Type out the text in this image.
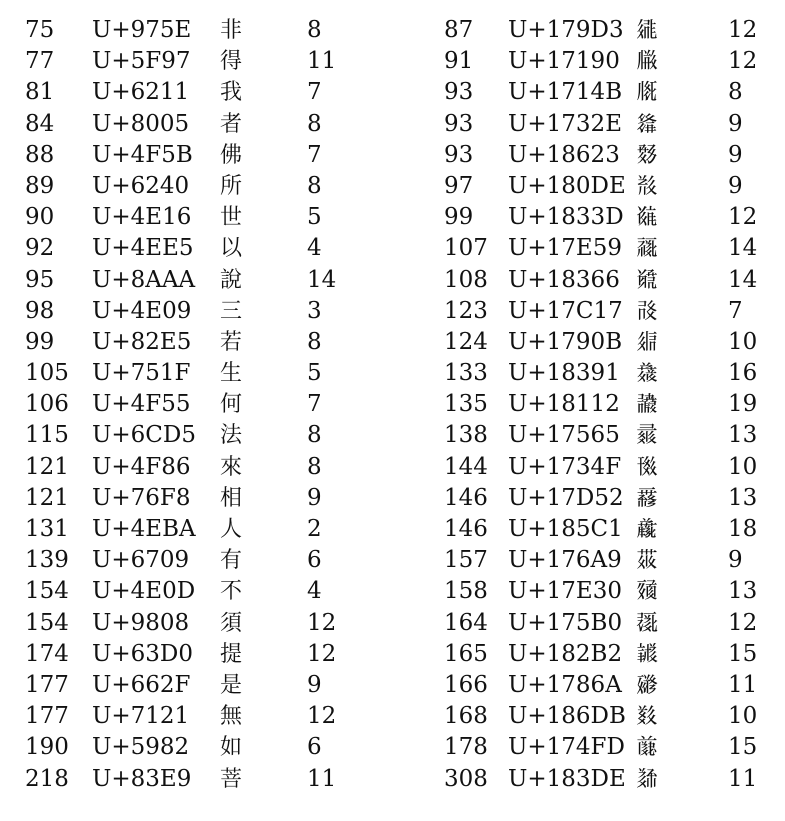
75	U+975E	非	8
77	U+5F97	得	11
81	U+6211	我	7
84	U+8005	者	8
88	U+4F5B	佛	7
89	U+6240	所	8
90	U+4E16	世	5
92	U+4EE5	以	4
95	U+8AAA	說	14
98	U+4E09	三	3
99	U+82E5	若	8
105	U+751F	生	5
106	U+4F55	何	7
115	U+6CD5	法	8
121	U+4F86	來	8
121	U+76F8	相	9
131	U+4EBA	人	2
139	U+6709	有	6
154	U+4E0D	不	4
154	U+9808	須	12
174	U+63D0	提	12
177	U+662F	是	9
177	U+7121	無	12
190	U+5982	如	6
218	U+83E9	菩	11
87	U+179D3 𗧓	12
91	U+17190 𗆐	12
93	U+1714B 𗅋	8
93	U+1732E 𗌮	9
93	U+18623 𘘣	9
97	U+180DE 𘃞	9
99	U+1833D 𘌽	12
107 U+17E59 𗹙	14
108 U+18366 𘍦	14
123 U+17C17 𗰗	7
124 U+1790B 𗤋	10
133 U+18391 𘎑	16
135 U+18112 𘄒	19
138 U+17565 𗕥	13
144 U+1734F 𗍏	10
146 U+17D52 𗵒	13
146 U+185C1 𘗁	18
157 U+176A9 𗚩	9
158 U+17E30 𗸰	13
164 U+175B0 𗖰	12
165 U+182B2 𘊲	15
166 U+1786A 𗡪	11
168 U+186DB 𘛛	10
178 U+174FD 𗓽	15
308 U+183DE 𘏞	11
